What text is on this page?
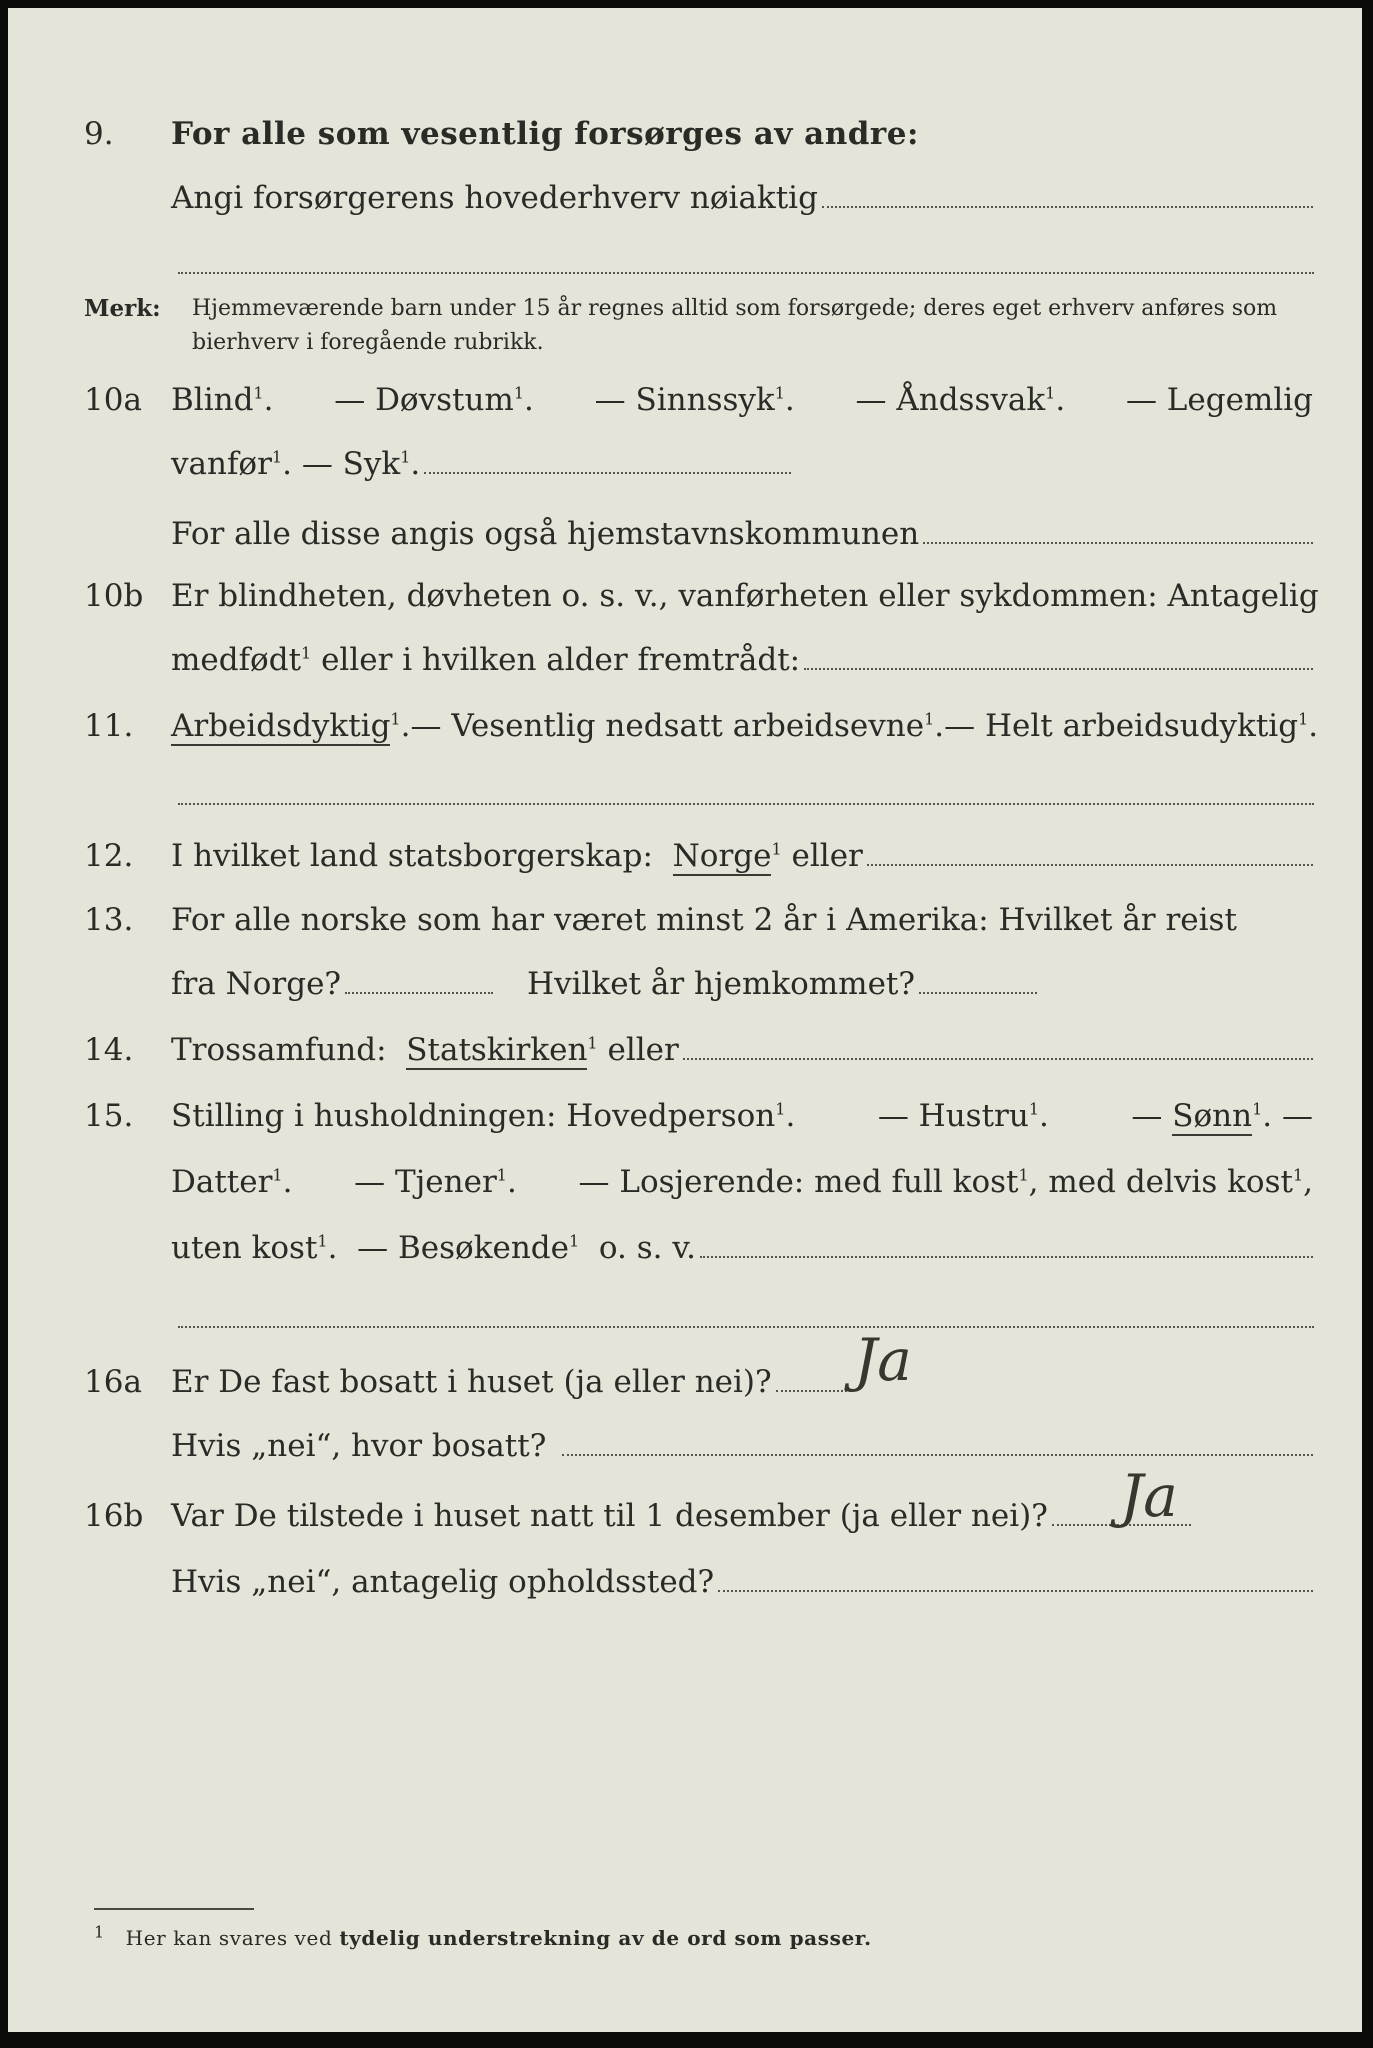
9. For alle som vesentlig forsørges av andre:
Angi forsørgerens hovederhverv nøiaktig
Merk: Hjemmeværende barn under 15 år regnes alltid som forsørgede; deres eget erhverv anføres som bierhverv i foregående rubrikk.
10a Blind$^1$. — Døvstum$^1$. — Sinnssyk$^1$. — Åndssvak$^1$. — Legemlig
vanfør$^1$. — Syk$^1$.
For alle disse angis også hjemstavnskommunen
10b Er blindheten, døvheten o. s. v., vanførheten eller sykdommen: Antagelig
medfødt$^1$ eller i hvilken alder fremtrådt:
11. Arbeidsdyktig$^1$. — Vesentlig nedsatt arbeidsevne$^1$. — Helt arbeidsudyktig$^1$.
12. I hvilket land statsborgerskap:
Norge$^1$ eller
13. For alle norske som har været minst 2 år i Amerika: Hvilket år reist
fra Norge?	Hvilket år hjemkommet?
14. Trossamfund:
Statskirken$^1$ eller
15. Stilling i husholdningen: Hovedperson$^1$.	— Hustru$^1$.	— Sønn$^1$. —
Datter$^1$. — Tjener$^1$. — Losjerende: med full kost$^1$, med delvis kost$^1$,
uten kost$^1$. — Besøkende$^1$ o. s. v.
16a Er De fast bosatt i huset (ja eller nei)? Ja
Hvis „nei“, hvor bosatt?
16b Var De tilstede i huset natt til 1 desember (ja eller nei)? Ja
Hvis „nei“, antagelig opholdssted?
$^1$ Her kan svares ved tydelig understrekning av de ord som passer.
